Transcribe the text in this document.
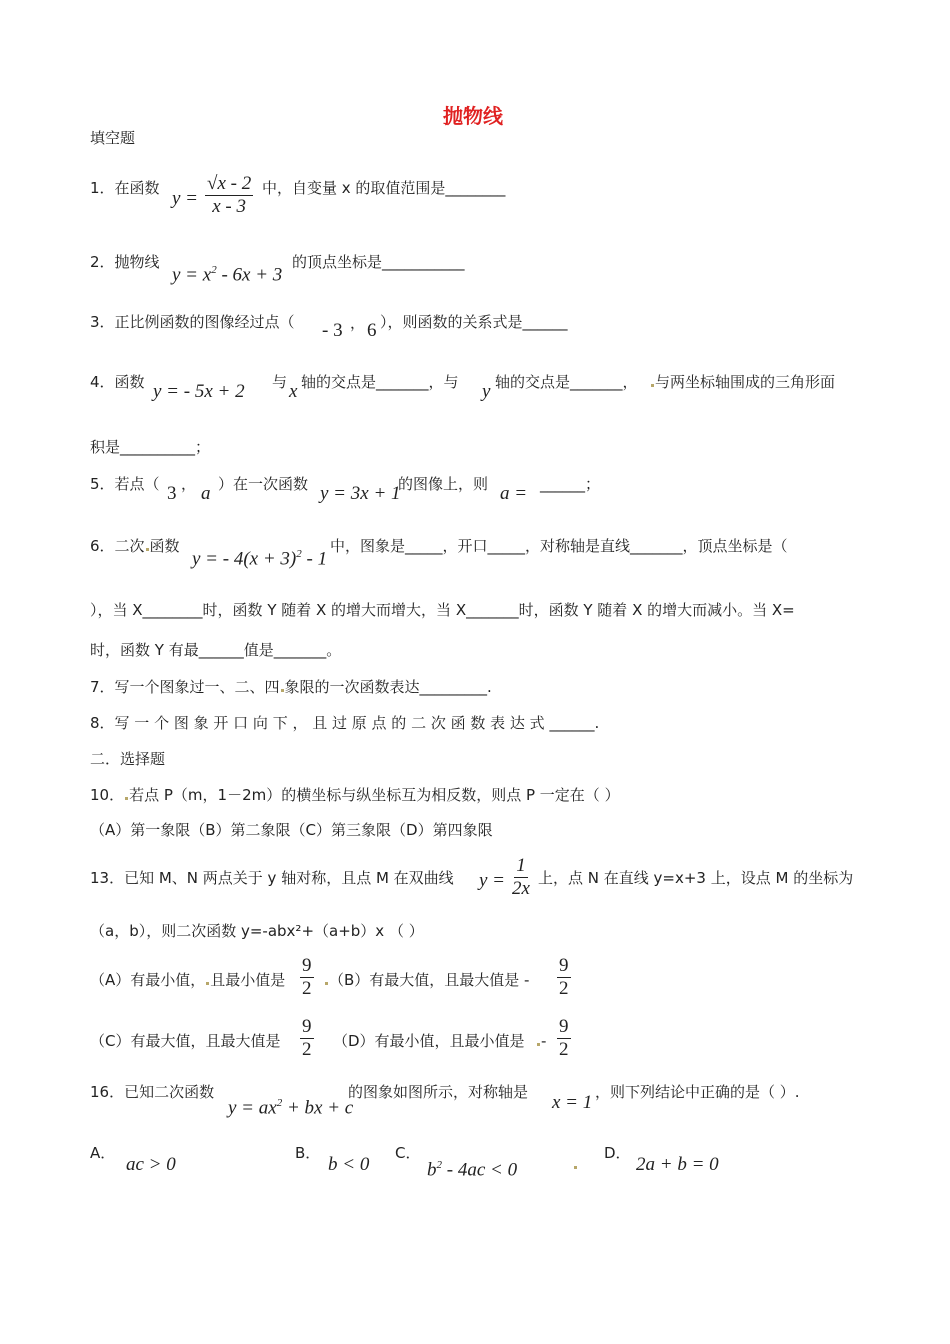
抛物线
填空题
1．在函数 $y = \frac{√x - 2}{x - 3}$ 中，自变量 x 的取值范围是________
2．抛物线
$y = x^2 - 6x + 3$
的顶点坐标是___________
3．正比例函数的图像经过点（ - 3 ， 6 ），则函数的关系式是______
4．函数 y = - 5x + 2 与 x 轴的交点是_______，与 y 轴的交点是_______，	与两坐标轴围成的三角形面
积是__________；
5．若点（ 3 ， a ）在一次函数 y = 3x + 1
的图像上，则 a = ______；
6．二次 函数
y = - $4(x + 3)^2 - 1$
中，图象是_____，开口_____，对称轴是直线_______，顶点坐标是（
），当 X________时，函数 Y 随着 X 的增大而增大，当 X_______时，函数 Y 随着 X 的增大而减小。当 X=
时，函数 Y 有最______值是_______。
7．写一个图象过一、二、四 象限的一次函数表达_________.
8．写 一 个 图 象 开 口 向 下 ， 且 过 原 点 的 二 次 函 数 表 达 式 ______.
二．选择题
10． 若点 P（m，1－2m）的横坐标与纵坐标互为相反数，则点 P 一定在（ ）
（A）第一象限（B）第二象限（C）第三象限（D）第四象限
13．已知 M、N 两点关于 y 轴对称，且点 M 在双曲线 $y = \frac{1}{2x}$ 上，点 N 在直线 y=x+3 上，设点 M 的坐标为
（a，b），则二次函数 y=-abx²+（a+b）x （ ）
（A）有最小值， 且最小值是 $\frac{9}{2}$	（B）有最大值，且最大值是 - $\frac{9}{2}$
（C）有最大值，且最大值是 $\frac{9}{2} (D)$有最小值，且最小值是	- $\frac{9}{2}$
16．已知二次函数
$y = ax^2$ + bx + c
的图象如图所示，对称轴是 x = 1 ，则下列结论中正确的是（ ）.
A．
ac > 0
B．
b < 0
C．
$b^2 - 4ac < 0$
D．
2a + b = 0
